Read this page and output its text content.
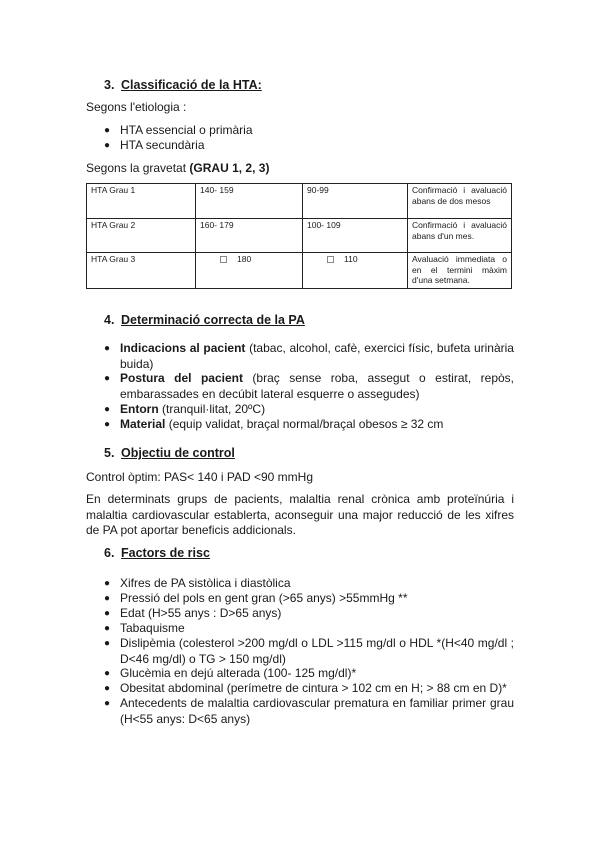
3. Classificació de la HTA:
Segons l'etiologia :
● HTA essencial o primària
● HTA secundària
Segons la gravetat (GRAU 1, 2, 3)
HTA Grau 1	140- 159	90-99	Confirmació i avaluació abans de dos mesos
HTA Grau 2	160- 179	100- 109	Confirmació i avaluació abans d'un mes.
HTA Grau 3	180	110	Avaluació immediata o en el termini màxim d'una setmana.
4. Determinació correcta de la PA
● Indicacions al pacient (tabac, alcohol, cafè, exercici físic, bufeta urinària buida)
● Postura del pacient (braç sense roba, assegut o estirat, repòs, embarassades en decúbit lateral esquerre o assegudes)
● Entorn (tranquil·litat, 20ºC)
● Material (equip validat, braçal normal/braçal obesos ≥ 32 cm
5. Objectiu de control
Control òptim: PAS< 140 i PAD <90 mmHg
En determinats grups de pacients, malaltia renal crònica amb proteïnúria i malaltia cardiovascular establerta, aconseguir una major reducció de les xifres de PA pot aportar beneficis addicionals.
6. Factors de risc
● Xifres de PA sistòlica i diastòlica
● Pressió del pols en gent gran (>65 anys) >55mmHg **
● Edat (H>55 anys : D>65 anys)
● Tabaquisme
● Dislipèmia (colesterol >200 mg/dl o LDL >115 mg/dl o HDL *(H<40 mg/dl ; D<46 mg/dl) o TG > 150 mg/dl)
● Glucèmia en dejú alterada (100- 125 mg/dl)*
● Obesitat abdominal (perímetre de cintura > 102 cm en H; > 88 cm en D)*
● Antecedents de malaltia cardiovascular prematura en familiar primer grau (H<55 anys: D<65 anys)
